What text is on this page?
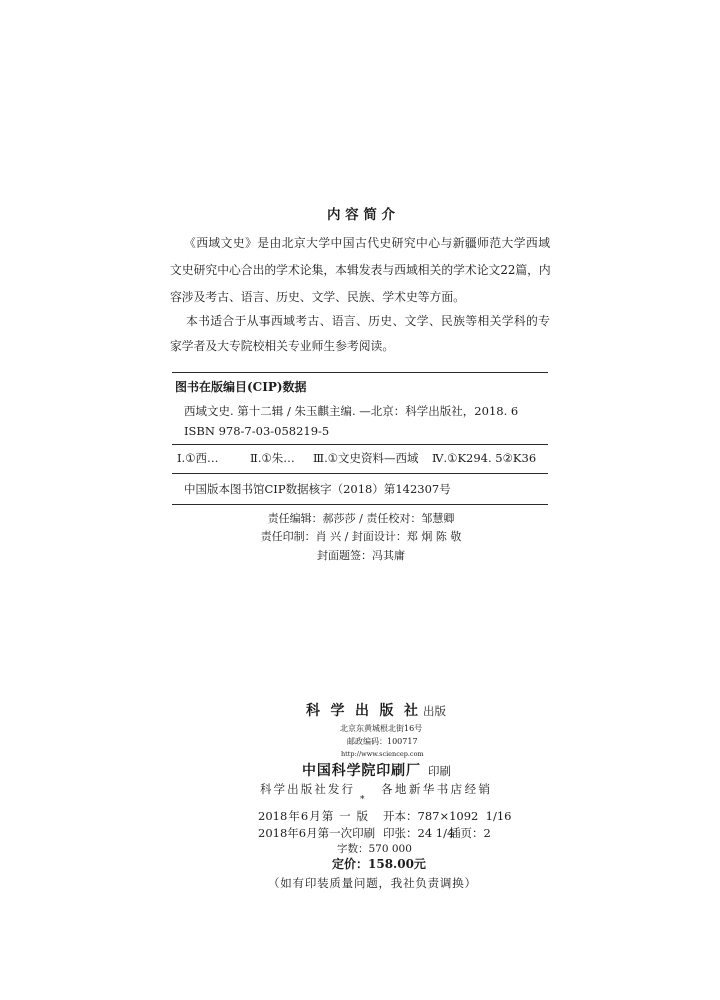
内 容 简 介
《西域文史》是由北京大学中国古代史研究中心与新疆师范大学西域
文史研究中心合出的学术论集，本辑发表与西域相关的学术论文22篇，内
容涉及考古、语言、历史、文学、民族、学术史等方面。
本书适合于从事西域考古、语言、历史、文学、民族等相关学科的专
家学者及大专院校相关专业师生参考阅读。
图书在版编目(CIP)数据
西域文史. 第十二辑 / 朱玉麒主编. —北京：科学出版社，2018. 6
ISBN 978-7-03-058219-5
Ⅰ.①西…	Ⅱ.①朱… Ⅲ.①文史资料—西域 Ⅳ.①K294. 5②K36
中国版本图书馆CIP数据核字（2018）第142307号
责任编辑：郝莎莎 / 责任校对：邹慧卿
责任印制：肖 兴 / 封面设计：郑 炯 陈 敬
封面题签：冯其庸
科 学 出 版 社 出版
北京东黄城根北街16号
邮政编码：100717
http://www.sciencep.com
中国科学院印刷厂 印刷
科学出版社发行 各地新华书店经销
*
2018年6月第 一 版 开本：787×1092  1/16
2018年6月第一次印刷 印张：24 1/4
插页：2
字数：570 000
定价：158.00元
（如有印装质量问题，我社负责调换）
